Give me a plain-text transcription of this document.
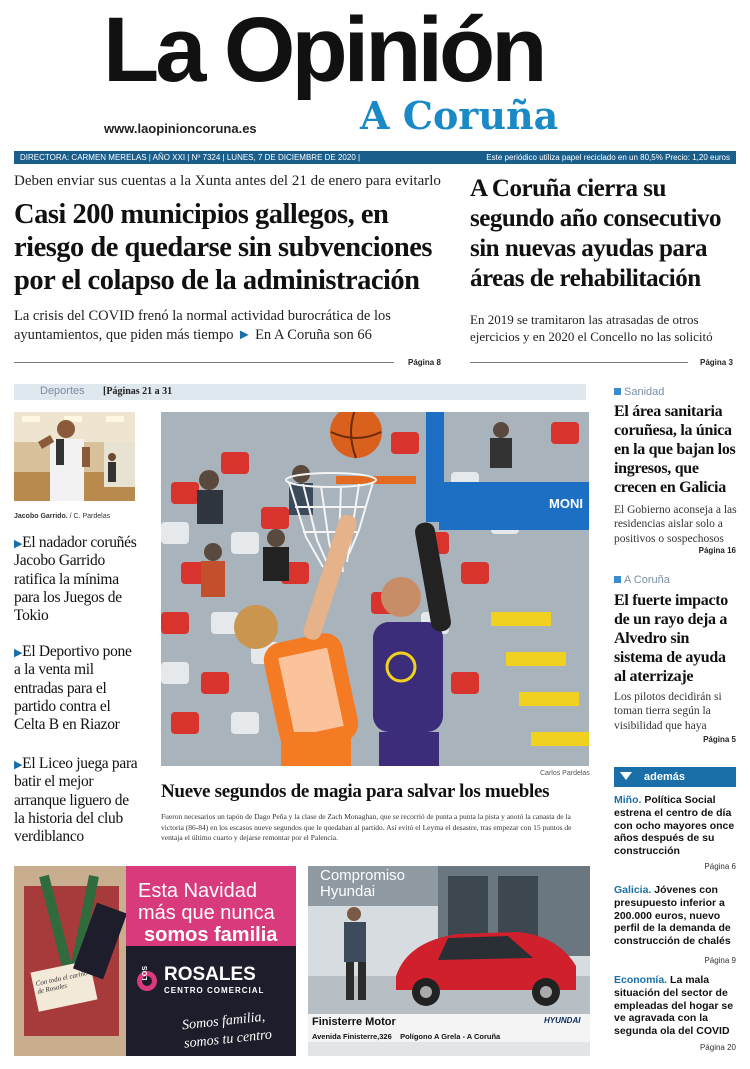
La Opinión
A Coruña
www.laopinioncoruna.es
DIRECTORA: CARMEN MERELAS | AÑO XXI | Nº 7324 | LUNES, 7 DE DICIEMBRE DE 2020 |	Este periódico utiliza papel reciclado en un 80,5% Precio: 1,20 euros
Deben enviar sus cuentas a la Xunta antes del 21 de enero para evitarlo
Casi 200 municipios gallegos, en riesgo de quedarse sin subvenciones por el colapso de la administración
La crisis del COVID frenó la normal actividad burocrática de los ayuntamientos, que piden más tiempo ► En A Coruña son 66
Página 8
A Coruña cierra su segundo año consecutivo sin nuevas ayudas para áreas de rehabilitación
En 2019 se tramitaron las atrasadas de otros ejercicios y en 2020 el Concello no las solicitó
Página 3
Deportes [Páginas 21 a 31
Jacobo Garrido. / C. Pardelas
▶El nadador coruñés Jacobo Garrido ratifica la mínima para los Juegos de Tokio
▶El Deportivo pone a la venta mil entradas para el partido contra el Celta B en Riazor
▶El Liceo juega para batir el mejor arranque liguero de la historia del club verdiblanco
MONI
Carlos Pardelas
Nueve segundos de magia para salvar los muebles
Fueron necesarios un tapón de Dago Peña y la clase de Zach Monaghan, que se recorrió de punta a punta la pista y anotó la canasta de la victoria (86-84) en los escasos nueve segundos que le quedaban al partido. Así evitó el Leyma el desastre, tras empezar con 15 puntos de ventaja el último cuarto y dejarse remontar por el Palencia.
Sanidad
El área sanitaria coruñesa, la única en la que bajan los ingresos, que crecen en Galicia
El Gobierno aconseja a las residencias aislar solo a positivos o sospechosos
Página 16
A Coruña
El fuerte impacto de un rayo deja a Alvedro sin sistema de ayuda al aterrizaje
Los pilotos decidirán si toman tierra según la visibilidad que haya
Página 5
además
Miño. Política Social estrena el centro de día con ocho mayores once años después de su construcción
Página 6
Galicia. Jóvenes con presupuesto inferior a 200.000 euros, nuevo perfil de la demanda de construcción de chalés
Página 9
Economía. La mala situación del sector de empleadas del hogar se ve agravada con la segunda ola del COVID
Página 20
Esta Navidad
más que nunca
somos familia
LOS ROSALES
CENTRO COMERCIAL
Somos familia,
somos tu centro
Con todo el cariño de Rosales
Compromiso
Hyundai
Finisterre Motor
Avenida Finisterre,326    Polígono A Grela - A Coruña
HYUNDAI
